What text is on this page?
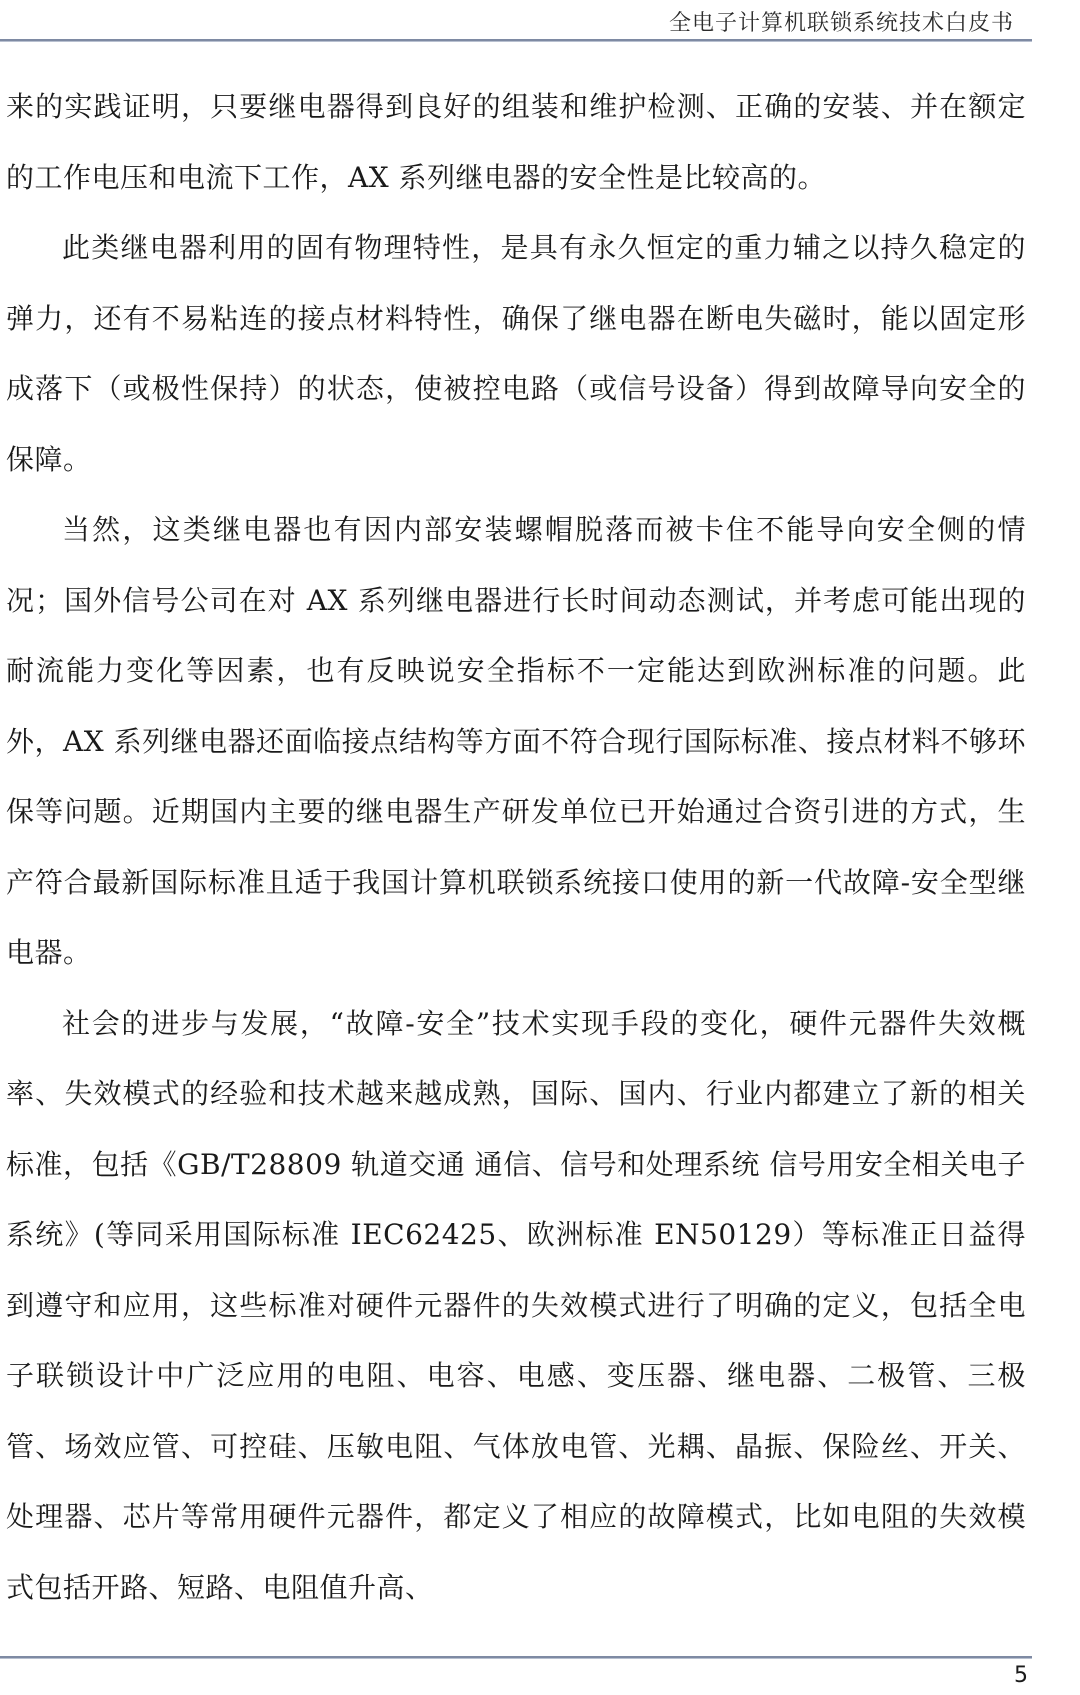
全电子计算机联锁系统技术白皮书

来的实践证明，只要继电器得到良好的组装和维护检测、正确的安装、并在额定的工作电压和电流下工作，AX 系列继电器的安全性是比较高的。

此类继电器利用的固有物理特性，是具有永久恒定的重力辅之以持久稳定的弹力，还有不易粘连的接点材料特性，确保了继电器在断电失磁时，能以固定形成落下（或极性保持）的状态，使被控电路（或信号设备）得到故障导向安全的保障。

当然，这类继电器也有因内部安装螺帽脱落而被卡住不能导向安全侧的情况；国外信号公司在对 AX 系列继电器进行长时间动态测试，并考虑可能出现的耐流能力变化等因素，也有反映说安全指标不一定能达到欧洲标准的问题。此外，AX 系列继电器还面临接点结构等方面不符合现行国际标准、接点材料不够环保等问题。近期国内主要的继电器生产研发单位已开始通过合资引进的方式，生产符合最新国际标准且适于我国计算机联锁系统接口使用的新一代故障-安全型继电器。

社会的进步与发展，“故障-安全”技术实现手段的变化，硬件元器件失效概率、失效模式的经验和技术越来越成熟，国际、国内、行业内都建立了新的相关标准，包括《GB/T28809 轨道交通 通信、信号和处理系统 信号用安全相关电子系统》(等同采用国际标准 IEC62425、欧洲标准 EN50129）等标准正日益得到遵守和应用，这些标准对硬件元器件的失效模式进行了明确的定义，包括全电子联锁设计中广泛应用的电阻、电容、电感、变压器、继电器、二极管、三极管、场效应管、可控硅、压敏电阻、气体放电管、光耦、晶振、保险丝、开关、处理器、芯片等常用硬件元器件，都定义了相应的故障模式，比如电阻的失效模式包括开路、短路、电阻值升高、

5
